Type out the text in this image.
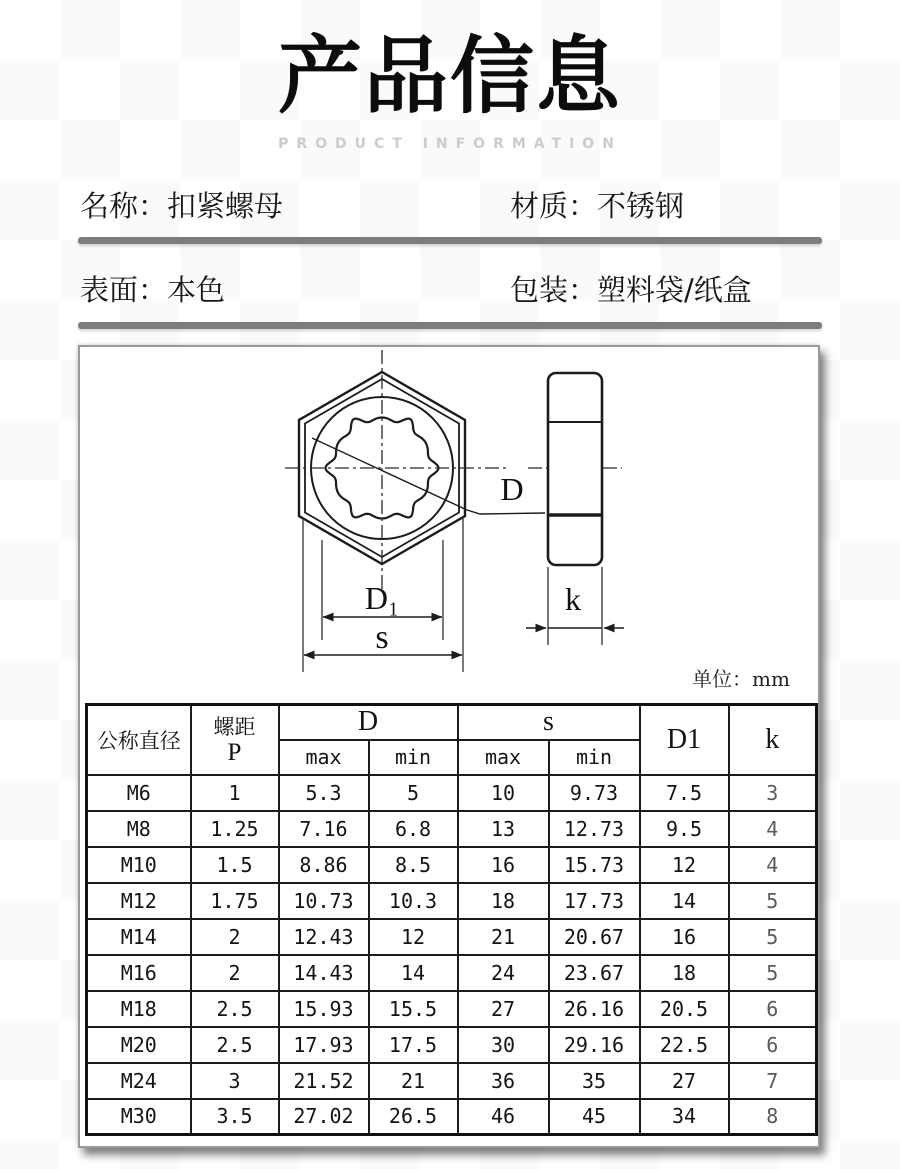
产品信息
PRODUCT INFORMATION
名称：扣紧螺母	材质：不锈钢
表面：本色	包装：塑料袋/纸盒
D
D₁
s
k
单位：mm
公称直径	螺距
P	D		s		D1	k
		max	min	max	min		
M6	1	5.3	5	10	9.73	7.5	3
M8	1.25	7.16	6.8	13	12.73	9.5	4
M10	1.5	8.86	8.5	16	15.73	12	4
M12	1.75	10.73	10.3	18	17.73	14	5
M14	2	12.43	12	21	20.67	16	5
M16	2	14.43	14	24	23.67	18	5
M18	2.5	15.93	15.5	27	26.16	20.5	6
M20	2.5	17.93	17.5	30	29.16	22.5	6
M24	3	21.52	21	36	35	27	7
M30	3.5	27.02	26.5	46	45	34	8
